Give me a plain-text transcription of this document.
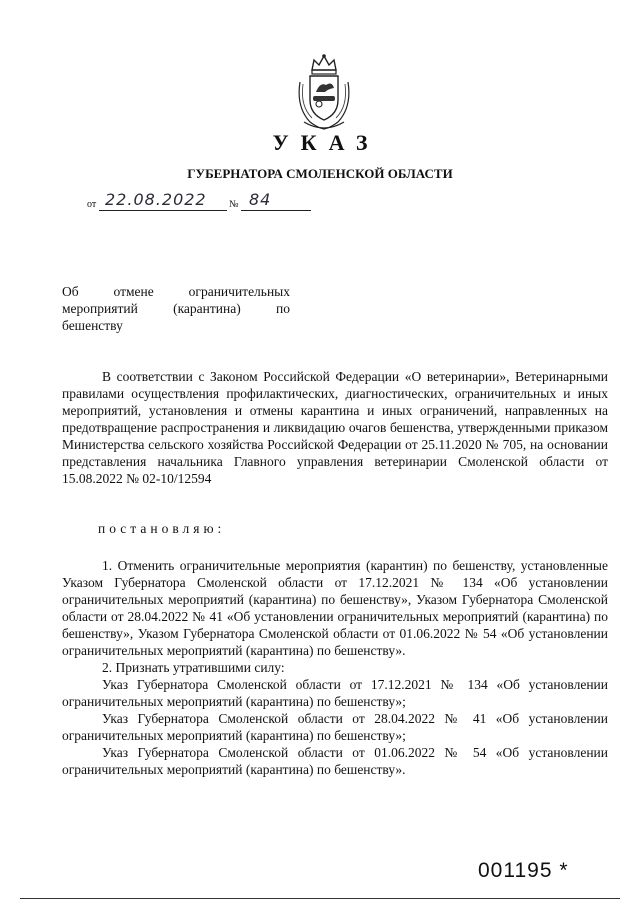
УКАЗ
ГУБЕРНАТОРА СМОЛЕНСКОЙ ОБЛАСТИ
от 22.08.2022 № 84
Об	отмене	ограничительных
мероприятий	(карантина)	по
бешенству
В соответствии с Законом Российской Федерации «О ветеринарии», Ветеринарными правилами осуществления профилактических, диагностических, ограничительных и иных мероприятий, установления и отмены карантина и иных ограничений, направленных на предотвращение распространения и ликвидацию очагов бешенства, утвержденными приказом Министерства сельского хозяйства Российской Федерации от 25.11.2020 № 705, на основании представления начальника Главного управления ветеринарии Смоленской области от 15.08.2022 № 02-10/12594
постановляю:

1. Отменить ограничительные мероприятия (карантин) по бешенству, установленные Указом Губернатора Смоленской области от 17.12.2021 № 134 «Об установлении ограничительных мероприятий (карантина) по бешенству», Указом Губернатора Смоленской области от 28.04.2022 № 41 «Об установлении ограничительных мероприятий (карантина) по бешенству», Указом Губернатора Смоленской области от 01.06.2022 № 54 «Об установлении ограничительных мероприятий (карантина) по бешенству».

2. Признать утратившими силу:

Указ Губернатора Смоленской области от 17.12.2021 № 134 «Об установлении ограничительных мероприятий (карантина) по бешенству»;

Указ Губернатора Смоленской области от 28.04.2022 № 41 «Об установлении ограничительных мероприятий (карантина) по бешенству»;

Указ Губернатора Смоленской области от 01.06.2022 № 54 «Об установлении ограничительных мероприятий (карантина) по бешенству».

001195 *
